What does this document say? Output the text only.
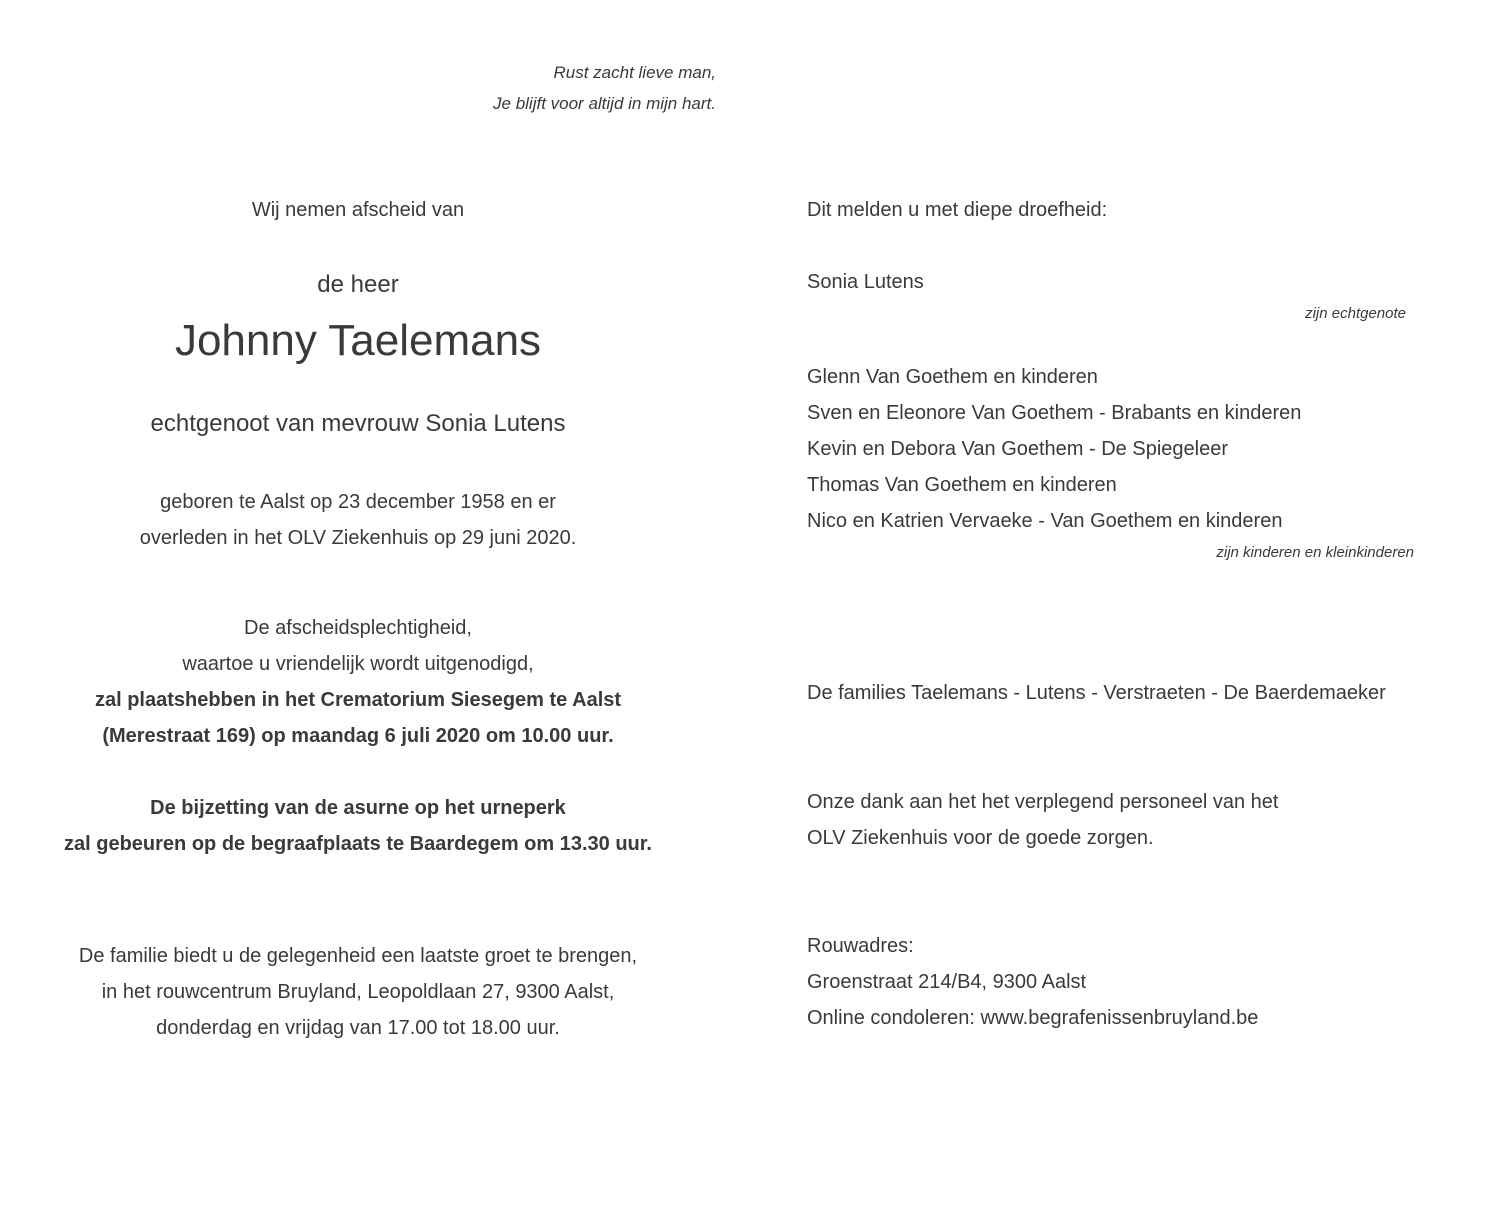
Rust zacht lieve man,
Je blijft voor altijd in mijn hart.
Wij nemen afscheid van
de heer
Johnny Taelemans
echtgenoot van mevrouw Sonia Lutens
geboren te Aalst op 23 december 1958 en er
overleden in het OLV Ziekenhuis op 29 juni 2020.
De afscheidsplechtigheid,
waartoe u vriendelijk wordt uitgenodigd,
zal plaatshebben in het Crematorium Siesegem te Aalst
(Merestraat 169) op maandag 6 juli 2020 om 10.00 uur.
De bijzetting van de asurne op het urneperk
zal gebeuren op de begraafplaats te Baardegem om 13.30 uur.
De familie biedt u de gelegenheid een laatste groet te brengen,
in het rouwcentrum Bruyland, Leopoldlaan 27, 9300 Aalst,
donderdag en vrijdag van 17.00 tot 18.00 uur.
Dit melden u met diepe droefheid:
Sonia Lutens
zijn echtgenote
Glenn Van Goethem en kinderen
Sven en Eleonore Van Goethem - Brabants en kinderen
Kevin en Debora Van Goethem - De Spiegeleer
Thomas Van Goethem en kinderen
Nico en Katrien Vervaeke - Van Goethem en kinderen
zijn kinderen en kleinkinderen
De families Taelemans - Lutens - Verstraeten - De Baerdemaeker
Onze dank aan het het verplegend personeel van het
OLV Ziekenhuis voor de goede zorgen.
Rouwadres:
Groenstraat 214/B4, 9300 Aalst
Online condoleren: www.begrafenissenbruyland.be
